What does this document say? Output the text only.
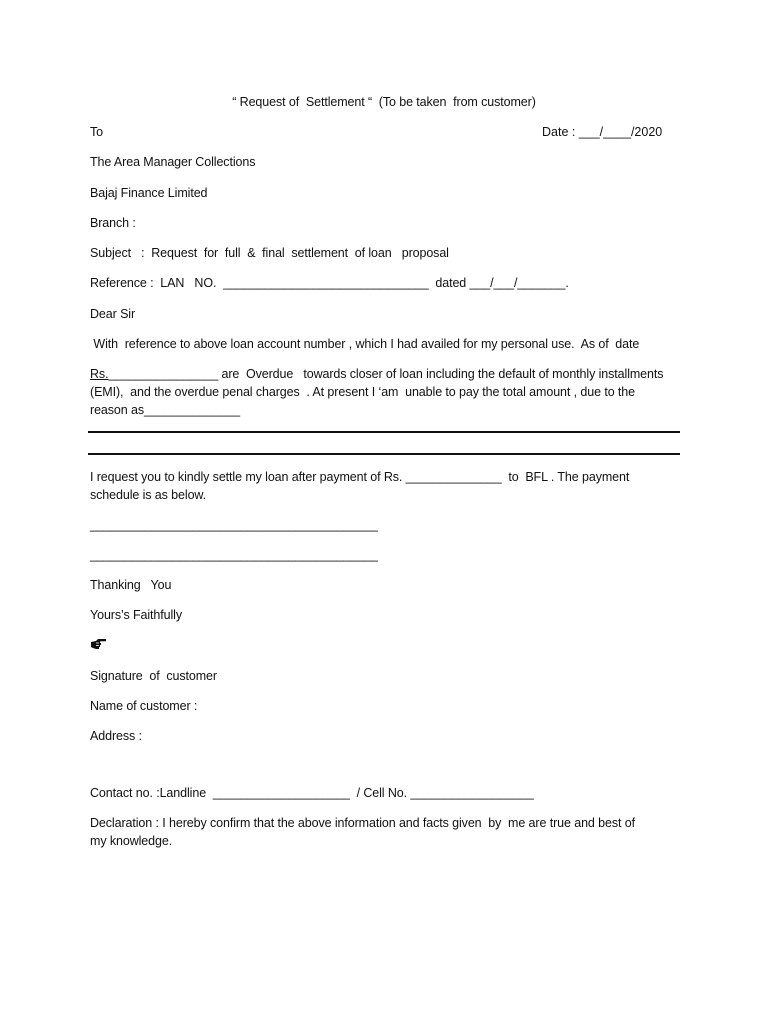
“ Request of  Settlement “  (To be taken  from customer)
To	Date : ___/____/2020
The Area Manager Collections
Bajaj Finance Limited
Branch :
Subject   :  Request  for  full  &  final  settlement  of loan   proposal
Reference :  LAN   NO.  ______________________________  dated ___/___/_______.
Dear Sir
With  reference to above loan account number , which I had availed for my personal use.  As of  date
Rs.________________ are  Overdue   towards closer of loan including the default of monthly installments
(EMI),  and the overdue penal charges  . At present I ‘am  unable to pay the total amount , due to the
reason as______________
I request you to kindly settle my loan after payment of Rs. ______________  to  BFL . The payment
schedule is as below.
__________________________________________
__________________________________________
Thanking   You
Yours’s Faithfully
Signature  of  customer
Name of customer :
Address :
Contact no. :Landline  ____________________  / Cell No. __________________
Declaration : I hereby confirm that the above information and facts given  by  me are true and best of
my knowledge.
